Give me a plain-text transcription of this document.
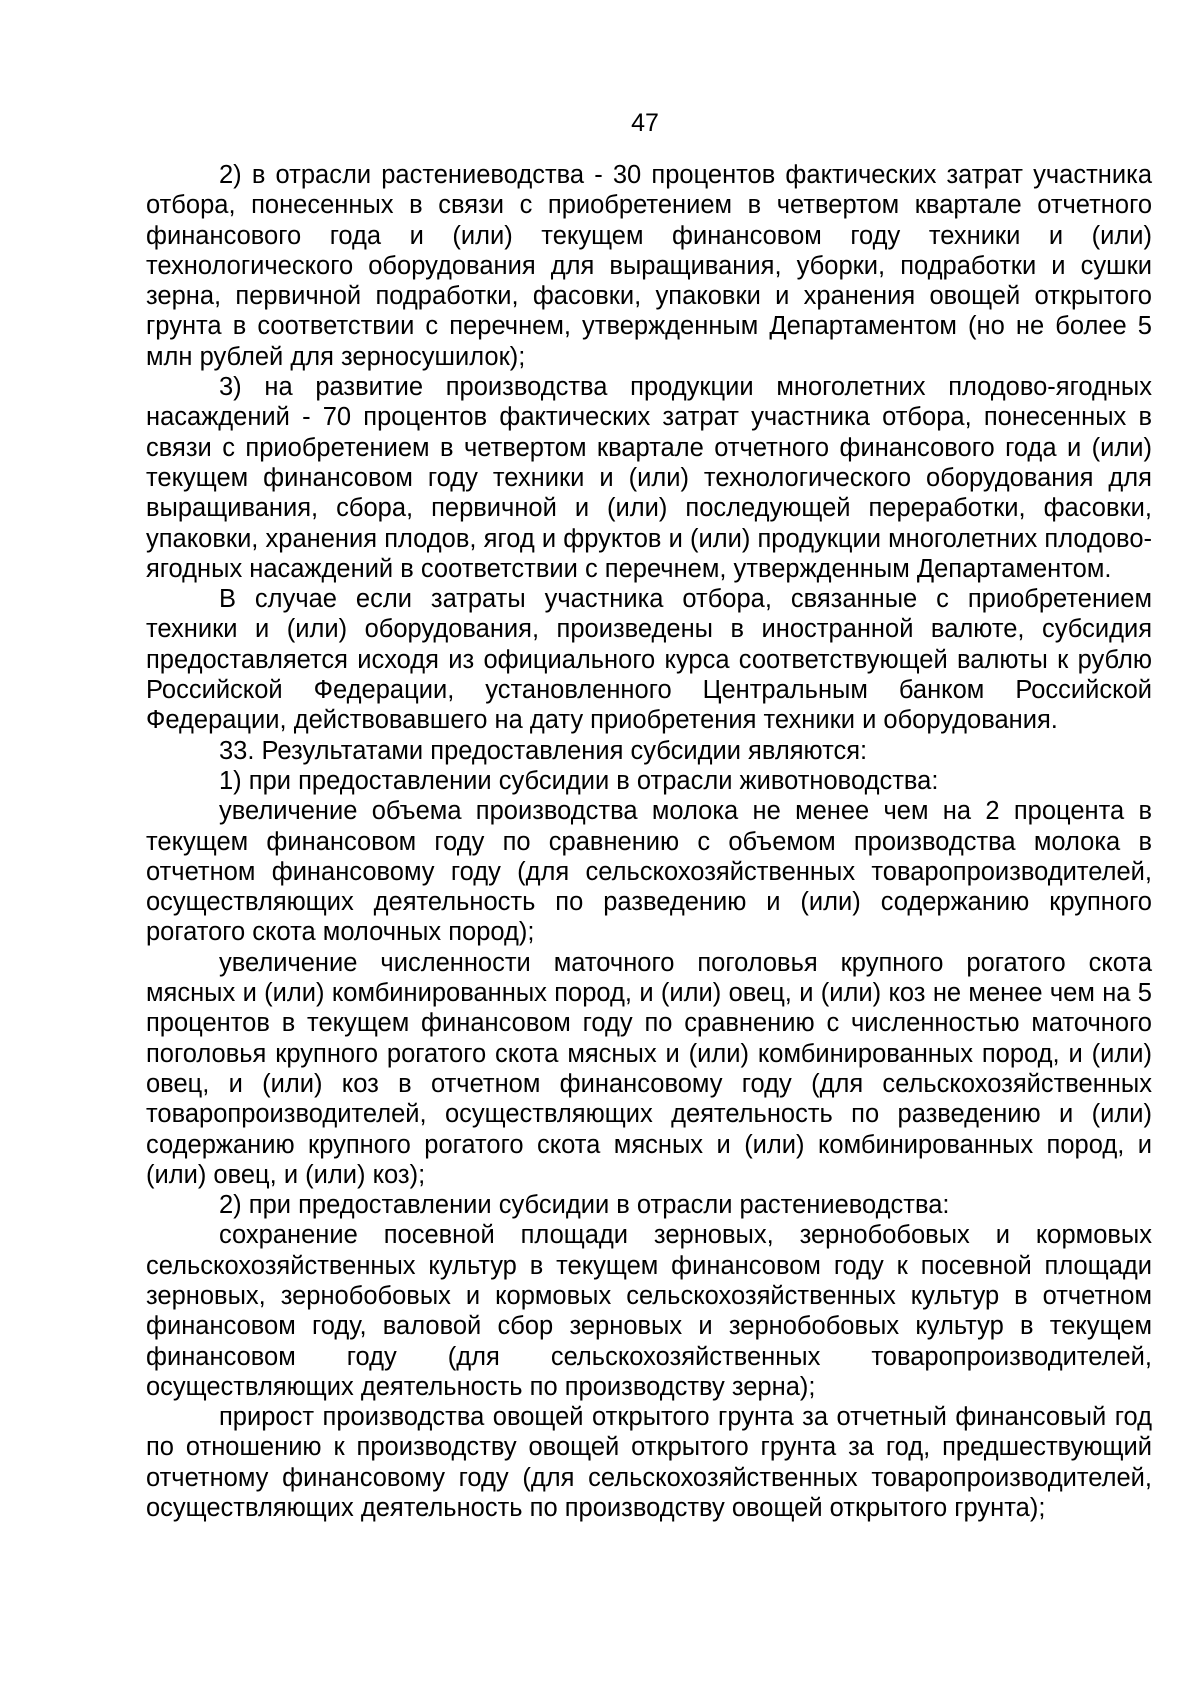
47

2) в отрасли растениеводства - 30 процентов фактических затрат участника отбора, понесенных в связи с приобретением в четвертом квартале отчетного финансового года и (или) текущем финансовом году техники и (или) технологического оборудования для выращивания, уборки, подработки и сушки зерна, первичной подработки, фасовки, упаковки и хранения овощей открытого грунта в соответствии с перечнем, утвержденным Департаментом (но не более 5 млн рублей для зерносушилок);

3) на развитие производства продукции многолетних плодово-ягодных насаждений - 70 процентов фактических затрат участника отбора, понесенных в связи с приобретением в четвертом квартале отчетного финансового года и (или) текущем финансовом году техники и (или) технологического оборудования для выращивания, сбора, первичной и (или) последующей переработки, фасовки, упаковки, хранения плодов, ягод и фруктов и (или) продукции многолетних плодово-ягодных насаждений в соответствии с перечнем, утвержденным Департаментом.

В случае если затраты участника отбора, связанные с приобретением техники и (или) оборудования, произведены в иностранной валюте, субсидия предоставляется исходя из официального курса соответствующей валюты к рублю Российской Федерации, установленного Центральным банком Российской Федерации, действовавшего на дату приобретения техники и оборудования.

33. Результатами предоставления субсидии являются:

1) при предоставлении субсидии в отрасли животноводства:

увеличение объема производства молока не менее чем на 2 процента в текущем финансовом году по сравнению с объемом производства молока в отчетном финансовому году (для сельскохозяйственных товаропроизводителей, осуществляющих деятельность по разведению и (или) содержанию крупного рогатого скота молочных пород);

увеличение численности маточного поголовья крупного рогатого скота мясных и (или) комбинированных пород, и (или) овец, и (или) коз не менее чем на 5 процентов в текущем финансовом году по сравнению с численностью маточного поголовья крупного рогатого скота мясных и (или) комбинированных пород, и (или) овец, и (или) коз в отчетном финансовому году (для сельскохозяйственных товаропроизводителей, осуществляющих деятельность по разведению и (или) содержанию крупного рогатого скота мясных и (или) комбинированных пород, и (или) овец, и (или) коз);

2) при предоставлении субсидии в отрасли растениеводства:

сохранение посевной площади зерновых, зернобобовых и кормовых сельскохозяйственных культур в текущем финансовом году к посевной площади зерновых, зернобобовых и кормовых сельскохозяйственных культур в отчетном финансовом году, валовой сбор зерновых и зернобобовых культур в текущем финансовом году (для сельскохозяйственных товаропроизводителей, осуществляющих деятельность по производству зерна);

прирост производства овощей открытого грунта за отчетный финансовый год по отношению к производству овощей открытого грунта за год, предшествующий отчетному финансовому году (для сельскохозяйственных товаропроизводителей, осуществляющих деятельность по производству овощей открытого грунта);
